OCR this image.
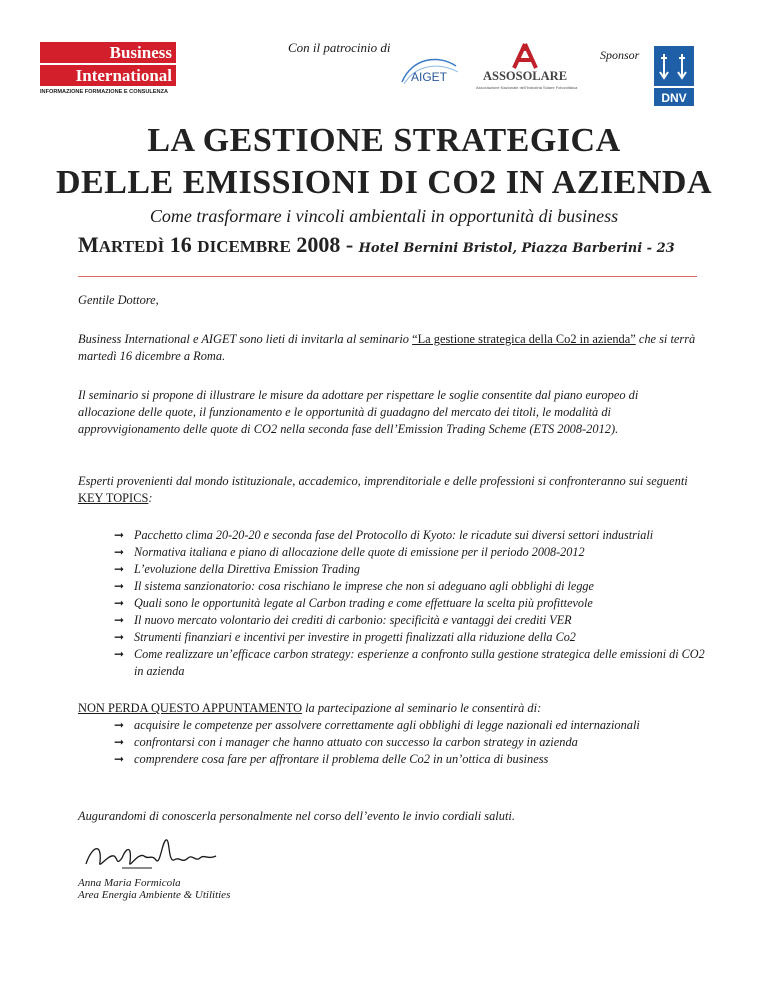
Business
International
INFORMAZIONE FORMAZIONE E CONSULENZA
Con il patrocinio di
AIGET	ASSOSOLARE
Associazione Nazionale dell'Industria Solare Fotovoltaica
Sponsor
DNV
LA GESTIONE STRATEGICA
DELLE EMISSIONI DI CO2 IN AZIENDA
Come trasformare i vincoli ambientali in opportunità di business
MARTEDÌ 16 DICEMBRE 2008 - Hotel Bernini Bristol, Piazza Barberini - 23
Gentile Dottore,
Business International e AIGET sono lieti di invitarla al seminario “La gestione strategica della Co2 in azienda” che si terrà martedì 16 dicembre a Roma.
Il seminario si propone di illustrare le misure da adottare per rispettare le soglie consentite dal piano europeo di allocazione delle quote, il funzionamento e le opportunità di guadagno del mercato dei titoli, le modalità di approvvigionamento delle quote di CO2 nella seconda fase dell’Emission Trading Scheme (ETS 2008-2012).
Esperti provenienti dal mondo istituzionale, accademico, imprenditoriale e delle professioni si confronteranno sui seguenti KEY TOPICS:
➞ Pacchetto clima 20-20-20 e seconda fase del Protocollo di Kyoto: le ricadute sui diversi settori industriali
➞ Normativa italiana e piano di allocazione delle quote di emissione per il periodo 2008-2012
➞ L’evoluzione della Direttiva Emission Trading
➞ Il sistema sanzionatorio: cosa rischiano le imprese che non si adeguano agli obblighi di legge
➞ Quali sono le opportunità legate al Carbon trading e come effettuare la scelta più profittevole
➞ Il nuovo mercato volontario dei crediti di carbonio: specificità e vantaggi dei crediti VER
➞ Strumenti finanziari e incentivi per investire in progetti finalizzati alla riduzione della Co2
➞ Come realizzare un’efficace carbon strategy: esperienze a confronto sulla gestione strategica delle emissioni di CO2 in azienda
NON PERDA QUESTO APPUNTAMENTO la partecipazione al seminario le consentirà di:
➞ acquisire le competenze per assolvere correttamente agli obblighi di legge nazionali ed internazionali
➞ confrontarsi con i manager che hanno attuato con successo la carbon strategy in azienda
➞ comprendere cosa fare per affrontare il problema delle Co2 in un’ottica di business
Augurandomi di conoscerla personalmente nel corso dell’evento le invio cordiali saluti.
Anna Maria Formicola
Area Energia Ambiente & Utilities
